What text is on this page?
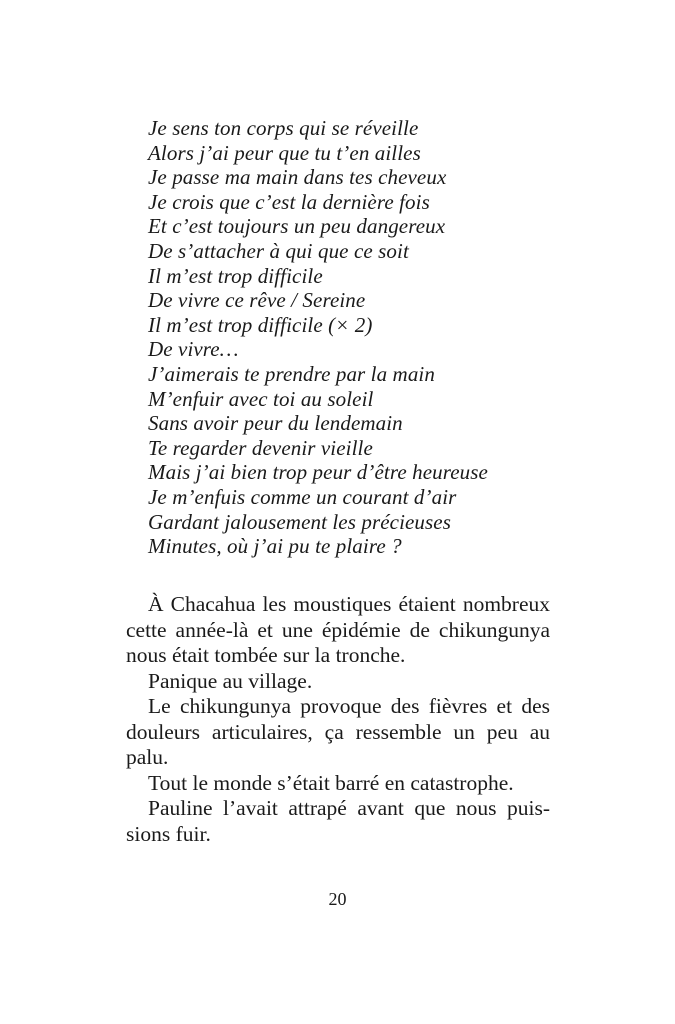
Je sens ton corps qui se réveille
Alors j’ai peur que tu t’en ailles
Je passe ma main dans tes cheveux
Je crois que c’est la dernière fois
Et c’est toujours un peu dangereux
De s’attacher à qui que ce soit
Il m’est trop difficile
De vivre ce rêve / Sereine
Il m’est trop difficile (× 2)
De vivre…
J’aimerais te prendre par la main
M’enfuir avec toi au soleil
Sans avoir peur du lendemain
Te regarder devenir vieille
Mais j’ai bien trop peur d’être heureuse
Je m’enfuis comme un courant d’air
Gardant jalousement les précieuses
Minutes, où j’ai pu te plaire ?

À Chacahua les moustiques étaient nombreux cette année-là et une épidémie de chikungunya nous était tombée sur la tronche.

Panique au village.

Le chikungunya provoque des fièvres et des douleurs articulaires, ça ressemble un peu au palu.

Tout le monde s’était barré en catastrophe.

Pauline l’avait attrapé avant que nous puis-sions fuir.

20
